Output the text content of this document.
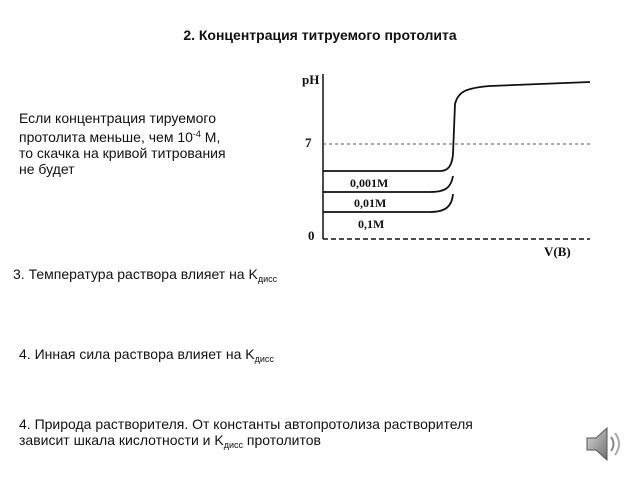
2. Концентрация титруемого протолита
Если концентрация тируемого
протолита меньше, чем $10^{-4}$ М,
то скачка на кривой титрования
не будет
pH
7
0
V(B)
0,001M
0,01M
0,1M
3. Температура раствора влияет на $K_{дисс}$
4. Инная сила раствора влияет на $K_{дисс}$
4. Природа растворителя. От константы автопротолиза растворителя
зависит шкала кислотности и $K_{дисс}$ протолитов
